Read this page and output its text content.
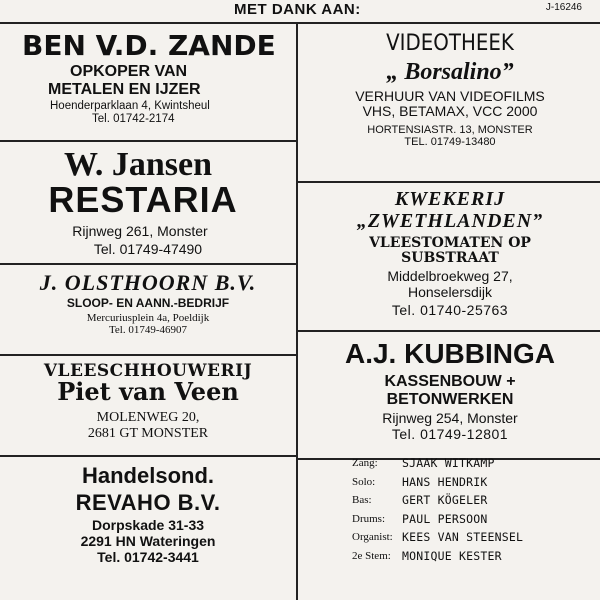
MET DANK AAN:	J-16246
BEN V.D. ZANDE
OPKOPER VAN
METALEN EN IJZER
Hoenderparklaan 4, Kwintsheul
Tel. 01742-2174
VIDEOTHEEK
„ Borsalino”
VERHUUR VAN VIDEOFILMS
VHS, BETAMAX, VCC 2000
HORTENSIASTR. 13, MONSTER
TEL. 01749-13480
W. Jansen
RESTARIA
Rijnweg 261, Monster
Tel. 01749-47490
KWEKERIJ
„ZWETHLANDEN”
VLEESTOMATEN OP
SUBSTRAAT
Middelbroekweg 27,
Honselersdijk
Tel. 01740-25763
J. OLSTHOORN B.V.
SLOOP- EN AANN.-BEDRIJF
Mercuriusplein 4a, Poeldijk
Tel. 01749-46907
A.J. KUBBINGA
KASSENBOUW +
BETONWERKEN
Rijnweg 254, Monster
Tel. 01749-12801
VLEESCHHOUWERIJ
Piet van Veen
MOLENWEG 20,
2681 GT MONSTER
Handelsond.
REVAHO B.V.
Dorpskade 31-33
2291 HN Wateringen
Tel. 01742-3441
Zang:	SJAAK WITKAMP
Solo:	HANS HENDRIK
Bas:	GERT KÖGELER
Drums:	PAUL PERSOON
Organist: KEES VAN STEENSEL
2e Stem: MONIQUE KESTER
